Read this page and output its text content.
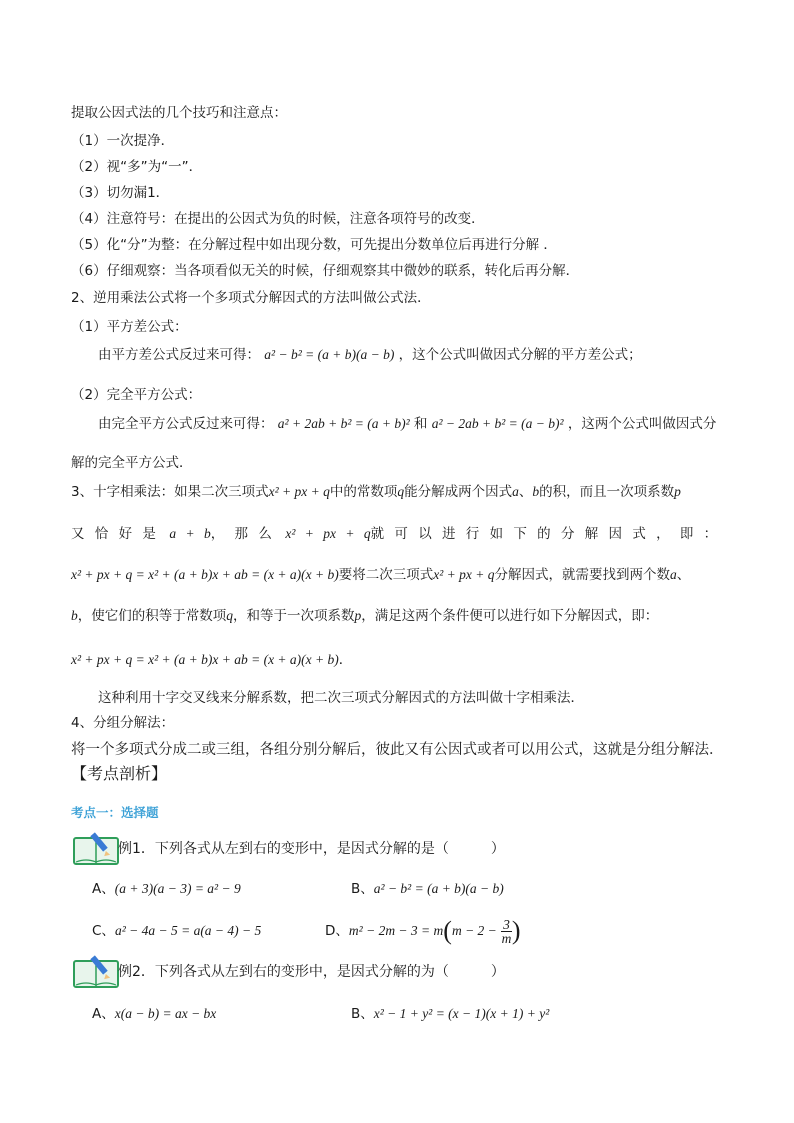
提取公因式法的几个技巧和注意点：
（1）一次提净．
（2）视“多”为“一”．
（3）切勿漏1．
（4）注意符号：在提出的公因式为负的时候，注意各项符号的改变．
（5）化“分”为整：在分解过程中如出现分数，可先提出分数单位后再进行分解 ．
（6）仔细观察：当各项看似无关的时候，仔细观察其中微妙的联系，转化后再分解．
2、逆用乘法公式将一个多项式分解因式的方法叫做公式法．
（1）平方差公式：
由平方差公式反过来可得： a² − b² = (a + b)(a − b) ，这个公式叫做因式分解的平方差公式；
（2）完全平方公式：
由完全平方公式反过来可得： a² + 2ab + b² = (a + b)² 和 a² − 2ab + b² = (a − b)² ，这两个公式叫做因式分
解的完全平方公式．
3、十字相乘法：如果二次三项式x² + px + q中的常数项q能分解成两个因式a、b的积，而且一次项系数p
又 恰 好 是　 a + b， 那 么　 x² + px + q就 可 以 进 行 如 下 的 分 解 因 式 ， 即 ：
x² + px + q = x² + (a + b)x + ab = (x + a)(x + b)要将二次三项式x² + px + q分解因式，就需要找到两个数a、
b，使它们的积等于常数项q，和等于一次项系数p，满足这两个条件便可以进行如下分解因式，即：
x² + px + q = x² + (a + b)x + ab = (x + a)(x + b)．
这种利用十字交叉线来分解系数，把二次三项式分解因式的方法叫做十字相乘法．
4、分组分解法：
将一个多项式分成二或三组，各组分别分解后，彼此又有公因式或者可以用公式，这就是分组分解法．
【考点剖析】
考点一：选择题
例1．下列各式从左到右的变形中，是因式分解的是（　　　）
A、(a + 3)(a − 3) = a² − 9	B、a² − b² = (a + b)(a − b)
C、a² − 4a − 5 = a(a − 4) − 5	D、$m^2 - 2m - 3 = m(m - 2 - \frac{3}{m}$ )
例2．下列各式从左到右的变形中，是因式分解的为（　　　）
A、x(a − b) = ax − bx	B、x² − 1 + y² = (x − 1)(x + 1) + y²
